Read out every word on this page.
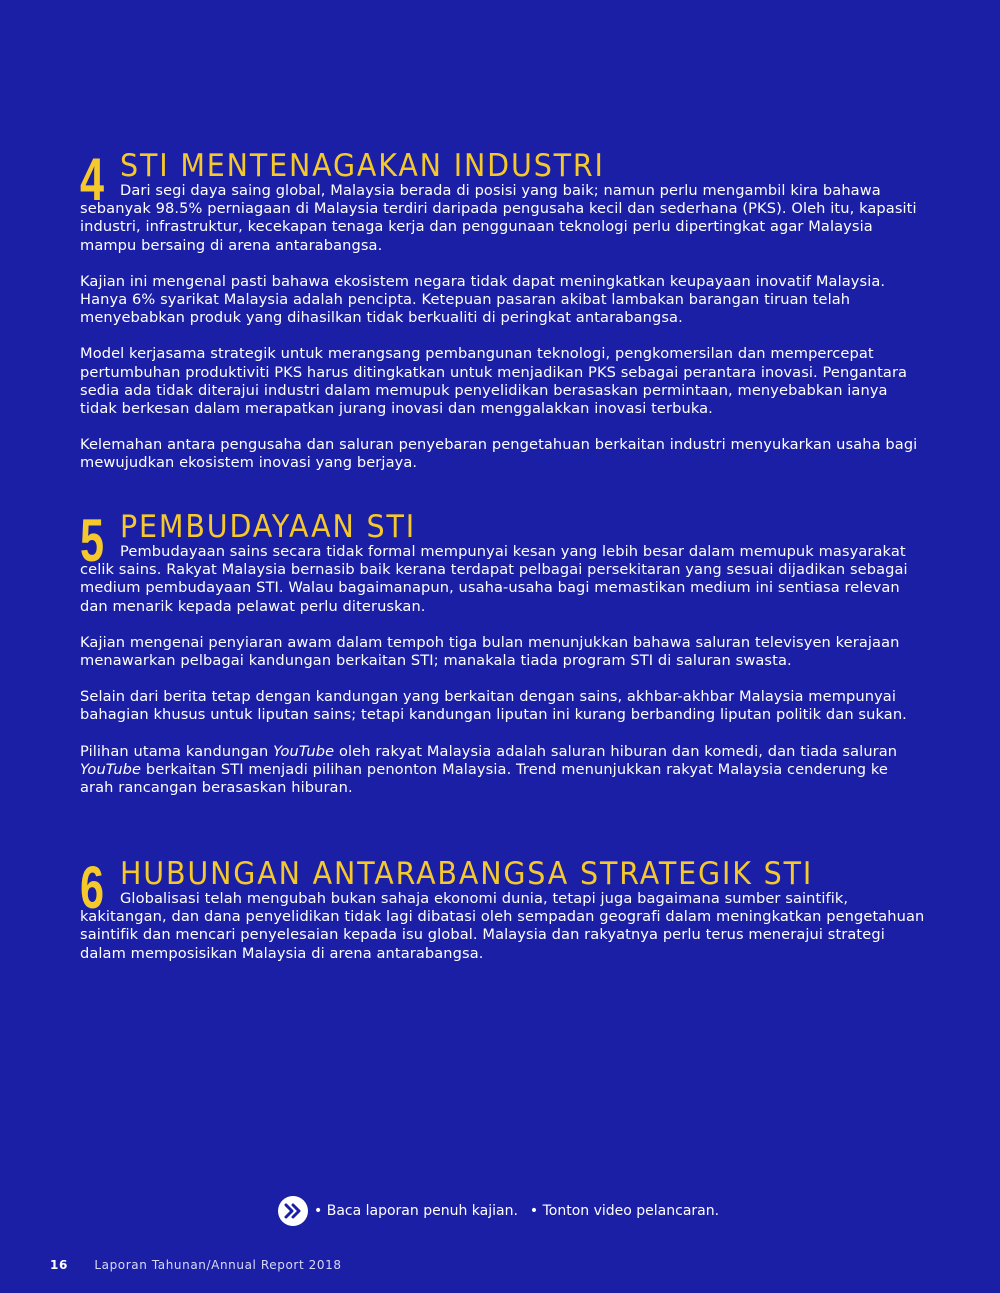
4 STI MENTENAGAKAN INDUSTRI

Dari segi daya saing global, Malaysia berada di posisi yang baik; namun perlu mengambil kira bahawa sebanyak 98.5% perniagaan di Malaysia terdiri daripada pengusaha kecil dan sederhana (PKS). Oleh itu, kapasiti industri, infrastruktur, kecekapan tenaga kerja dan penggunaan teknologi perlu dipertingkat agar Malaysia mampu bersaing di arena antarabangsa.

Kajian ini mengenal pasti bahawa ekosistem negara tidak dapat meningkatkan keupayaan inovatif Malaysia. Hanya 6% syarikat Malaysia adalah pencipta. Ketepuan pasaran akibat lambakan barangan tiruan telah menyebabkan produk yang dihasilkan tidak berkualiti di peringkat antarabangsa.

Model kerjasama strategik untuk merangsang pembangunan teknologi, pengkomersilan dan mempercepat pertumbuhan produktiviti PKS harus ditingkatkan untuk menjadikan PKS sebagai perantara inovasi. Pengantara sedia ada tidak diterajui industri dalam memupuk penyelidikan berasaskan permintaan, menyebabkan ianya tidak berkesan dalam merapatkan jurang inovasi dan menggalakkan inovasi terbuka.

Kelemahan antara pengusaha dan saluran penyebaran pengetahuan berkaitan industri menyukarkan usaha bagi mewujudkan ekosistem inovasi yang berjaya.

5 PEMBUDAYAAN STI

Pembudayaan sains secara tidak formal mempunyai kesan yang lebih besar dalam memupuk masyarakat celik sains. Rakyat Malaysia bernasib baik kerana terdapat pelbagai persekitaran yang sesuai dijadikan sebagai medium pembudayaan STI. Walau bagaimanapun, usaha-usaha bagi memastikan medium ini sentiasa relevan dan menarik kepada pelawat perlu diteruskan.

Kajian mengenai penyiaran awam dalam tempoh tiga bulan menunjukkan bahawa saluran televisyen kerajaan menawarkan pelbagai kandungan berkaitan STI; manakala tiada program STI di saluran swasta.

Selain dari berita tetap dengan kandungan yang berkaitan dengan sains, akhbar-akhbar Malaysia mempunyai bahagian khusus untuk liputan sains; tetapi kandungan liputan ini kurang berbanding liputan politik dan sukan.

Pilihan utama kandungan YouTube oleh rakyat Malaysia adalah saluran hiburan dan komedi, dan tiada saluran YouTube berkaitan STI menjadi pilihan penonton Malaysia. Trend menunjukkan rakyat Malaysia cenderung ke arah rancangan berasaskan hiburan.

6 HUBUNGAN ANTARABANGSA STRATEGIK STI

Globalisasi telah mengubah bukan sahaja ekonomi dunia, tetapi juga bagaimana sumber saintifik, kakitangan, dan dana penyelidikan tidak lagi dibatasi oleh sempadan geografi dalam meningkatkan pengetahuan saintifik dan mencari penyelesaian kepada isu global. Malaysia dan rakyatnya perlu terus menerajui strategi dalam memposisikan Malaysia di arena antarabangsa.

• Baca laporan penuh kajian. • Tonton video pelancaran.
16 Laporan Tahunan/Annual Report 2018
